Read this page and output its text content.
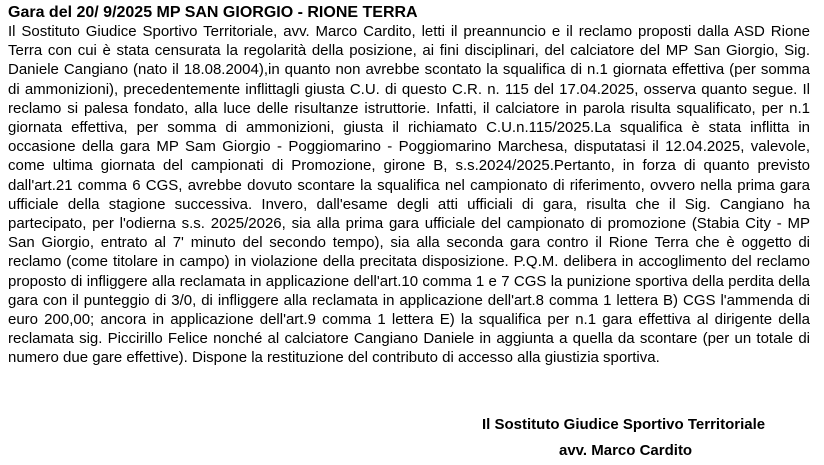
Gara del 20/ 9/2025 MP SAN GIORGIO - RIONE TERRA

Il Sostituto Giudice Sportivo Territoriale, avv. Marco Cardito, letti il preannuncio e il reclamo proposti dalla ASD Rione Terra con cui è stata censurata la regolarità della posizione, ai fini disciplinari, del calciatore del MP San Giorgio, Sig. Daniele Cangiano (nato il 18.08.2004),in quanto non avrebbe scontato la squalifica di n.1 giornata effettiva (per somma di ammonizioni), precedentemente inflittagli giusta C.U. di questo C.R. n. 115 del 17.04.2025, osserva quanto segue. Il reclamo si palesa fondato, alla luce delle risultanze istruttorie. Infatti, il calciatore in parola risulta squalificato, per n.1 giornata effettiva, per somma di ammonizioni, giusta il richiamato C.U.n.115/2025.La squalifica è stata inflitta in occasione della gara MP Sam Giorgio - Poggiomarino - Poggiomarino Marchesa, disputatasi il 12.04.2025, valevole, come ultima giornata del campionati di Promozione, girone B, s.s.2024/2025.Pertanto, in forza di quanto previsto dall'art.21 comma 6 CGS, avrebbe dovuto scontare la squalifica nel campionato di riferimento, ovvero nella prima gara ufficiale della stagione successiva. Invero, dall'esame degli atti ufficiali di gara, risulta che il Sig. Cangiano ha partecipato, per l'odierna s.s. 2025/2026, sia alla prima gara ufficiale del campionato di promozione (Stabia City - MP San Giorgio, entrato al 7' minuto del secondo tempo), sia alla seconda gara contro il Rione Terra che è oggetto di reclamo (come titolare in campo) in violazione della precitata disposizione. P.Q.M. delibera in accoglimento del reclamo proposto di infliggere alla reclamata in applicazione dell'art.10 comma 1 e 7 CGS la punizione sportiva della perdita della gara con il punteggio di 3/0, di infliggere alla reclamata in applicazione dell'art.8 comma 1 lettera B) CGS l'ammenda di euro 200,00; ancora in applicazione dell'art.9 comma 1 lettera E) la squalifica per n.1 gara effettiva al dirigente della reclamata sig. Piccirillo Felice nonché al calciatore Cangiano Daniele in aggiunta a quella da scontare (per un totale di numero due gare effettive). Dispone la restituzione del contributo di accesso alla giustizia sportiva.

Il Sostituto Giudice Sportivo Territoriale
avv. Marco Cardito
